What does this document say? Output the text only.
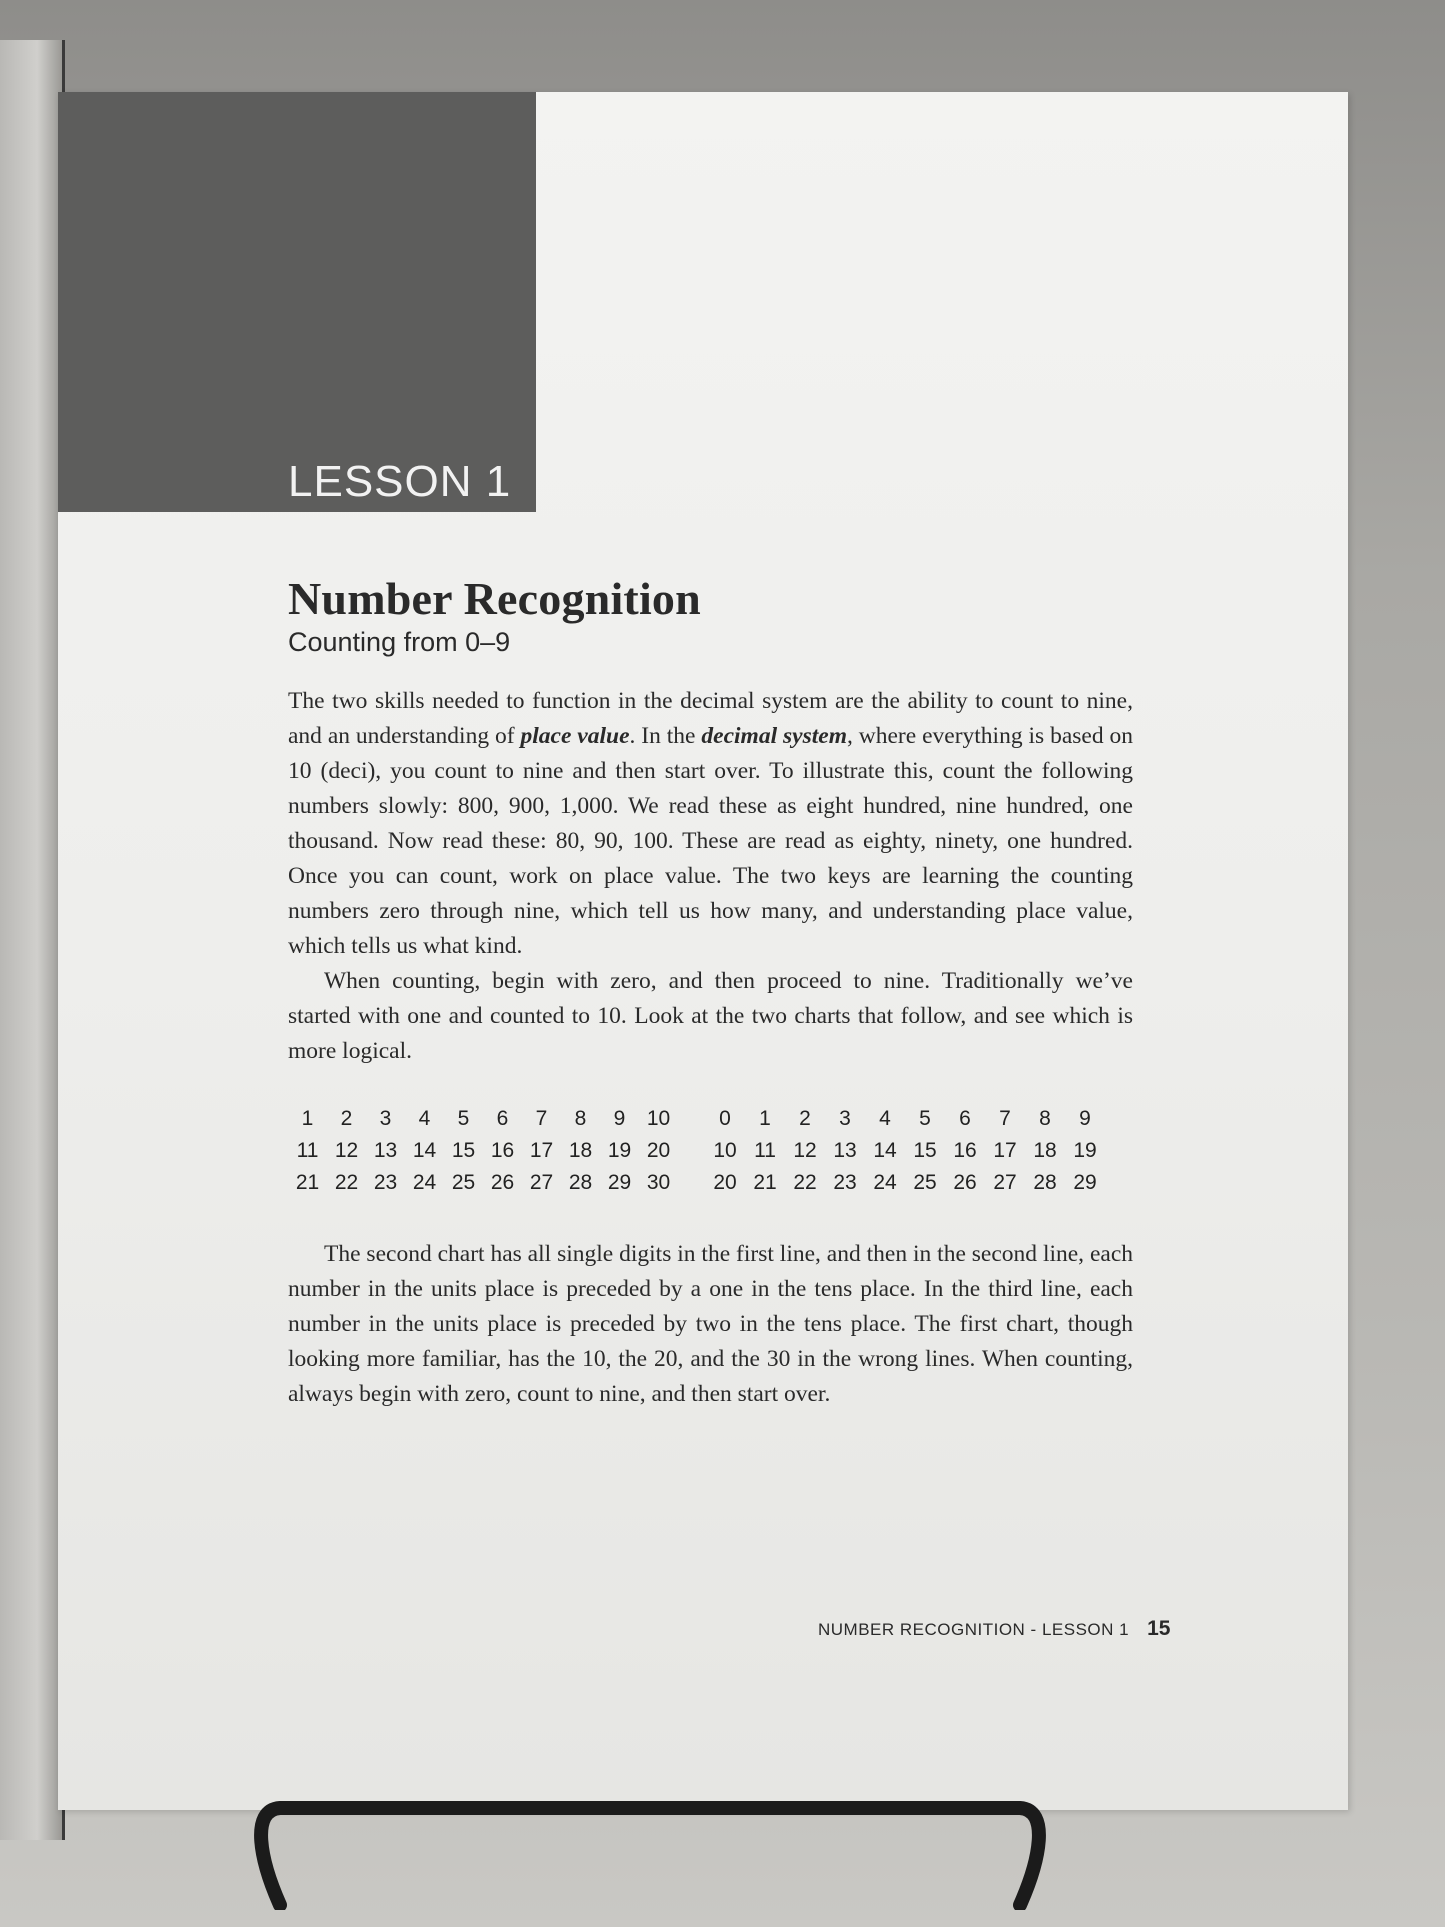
LESSON 1
Number Recognition
Counting from 0–9

The two skills needed to function in the decimal system are the ability to count to nine, and an understanding of place value. In the decimal system, where everything is based on 10 (deci), you count to nine and then start over. To illustrate this, count the following numbers slowly: 800, 900, 1,000. We read these as eight hundred, nine hundred, one thousand. Now read these: 80, 90, 100. These are read as eighty, ninety, one hundred. Once you can count, work on place value. The two keys are learning the counting numbers zero through nine, which tell us how many, and understanding place value, which tells us what kind.

When counting, begin with zero, and then proceed to nine. Traditionally we’ve started with one and counted to 10. Look at the two charts that follow, and see which is more logical.

1	2	3	4	5	6	7	8	9	10
11 12 13 14 15 16 17 18 19 20
21 22 23 24 25 26 27 28 29 30
0	1	2	3	4	5	6	7	8	9
10 11 12 13 14 15 16 17 18 19
20 21 22 23 24 25 26 27 28 29

The second chart has all single digits in the first line, and then in the second line, each number in the units place is preceded by a one in the tens place. In the third line, each number in the units place is preceded by two in the tens place. The first chart, though looking more familiar, has the 10, the 20, and the 30 in the wrong lines. When counting, always begin with zero, count to nine, and then start over.

NUMBER RECOGNITION - LESSON 1 15
